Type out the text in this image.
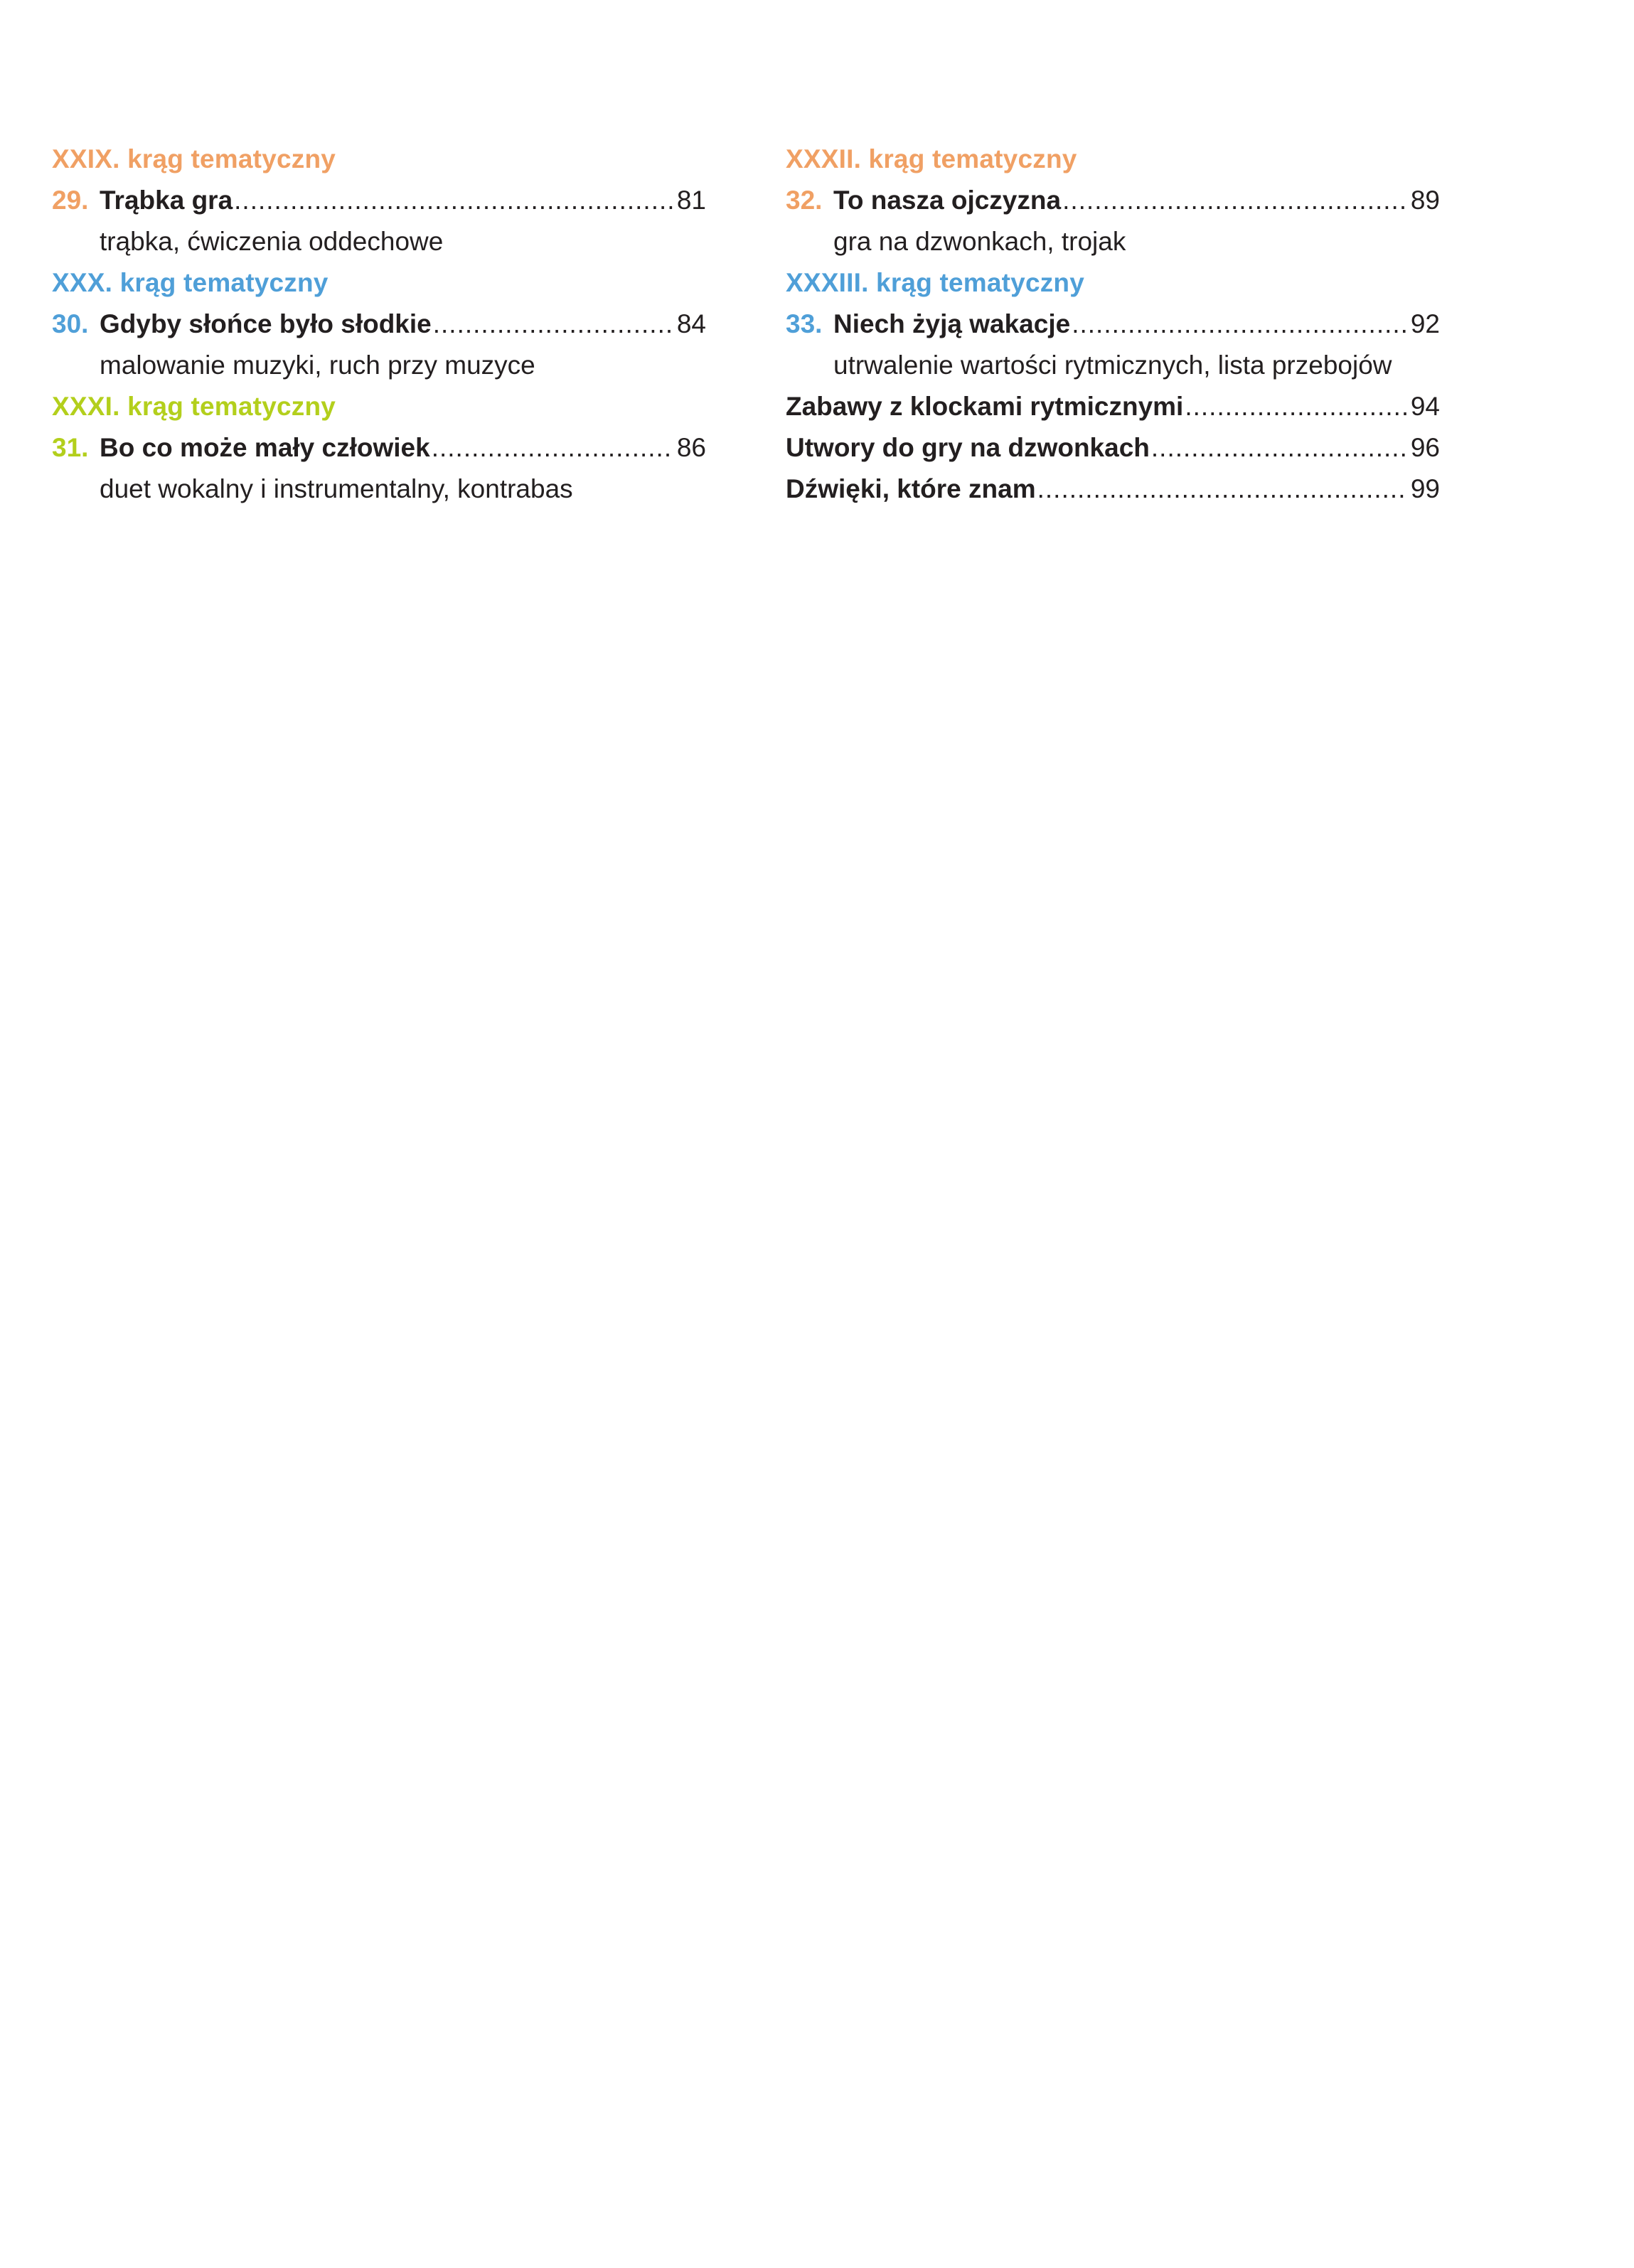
XXIX. krąg tematyczny
29. Trąbka gra .....	81
trąbka, ćwiczenia oddechowe
XXX. krąg tematyczny
30. Gdyby słońce było słodkie .....	84
malowanie muzyki, ruch przy muzyce
XXXI. krąg tematyczny
31. Bo co może mały człowiek .....	86
duet wokalny i instrumentalny, kontrabas
XXXII. krąg tematyczny
32. To nasza ojczyzna .....	89
gra na dzwonkach, trojak
XXXIII. krąg tematyczny
33. Niech żyją wakacje .....	92
utrwalenie wartości rytmicznych, lista przebojów
Zabawy z klockami rytmicznymi .....	94
Utwory do gry na dzwonkach .....	96
Dźwięki, które znam .....	99
